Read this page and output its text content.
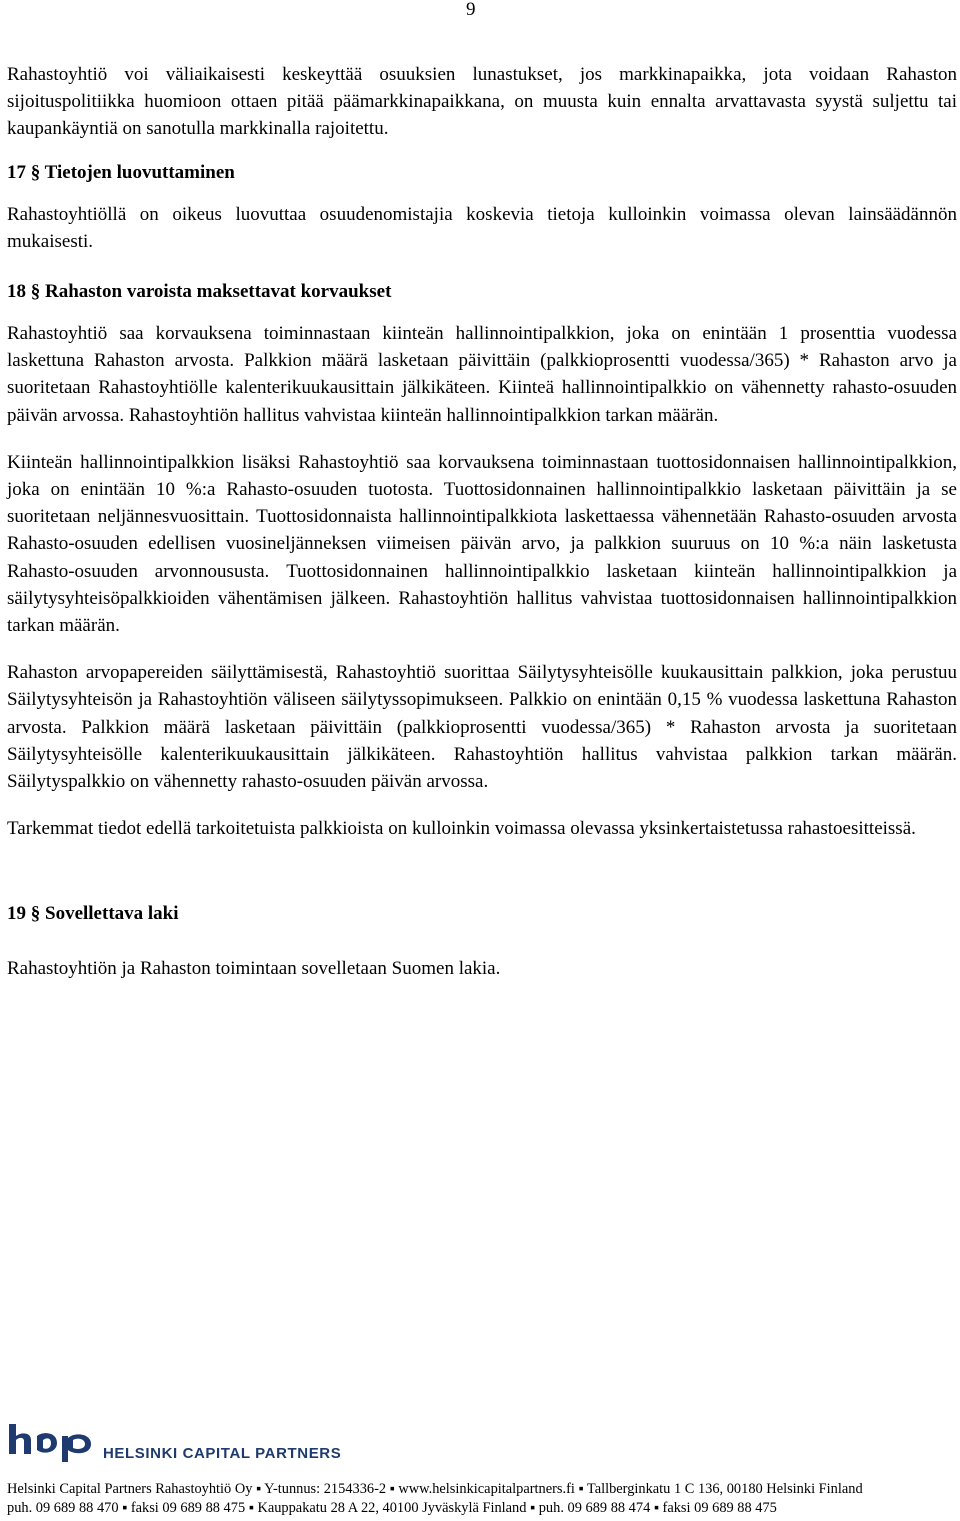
9

Rahastoyhtiö voi väliaikaisesti keskeyttää osuuksien lunastukset, jos markkinapaikka, jota voidaan Rahaston sijoituspolitiikka huomioon ottaen pitää päämarkkinapaikkana, on muusta kuin ennalta arvattavasta syystä suljettu tai kaupankäyntiä on sanotulla markkinalla rajoitettu.

17 § Tietojen luovuttaminen

Rahastoyhtiöllä on oikeus luovuttaa osuudenomistajia koskevia tietoja kulloinkin voimassa olevan lainsäädännön mukaisesti.

18 § Rahaston varoista maksettavat korvaukset

Rahastoyhtiö saa korvauksena toiminnastaan kiinteän hallinnointipalkkion, joka on enintään 1 prosenttia vuodessa laskettuna Rahaston arvosta. Palkkion määrä lasketaan päivittäin (palkkioprosentti vuodessa/365) * Rahaston arvo ja suoritetaan Rahastoyhtiölle kalenterikuukausittain jälkikäteen. Kiinteä hallinnointipalkkio on vähennetty rahasto-osuuden päivän arvossa. Rahastoyhtiön hallitus vahvistaa kiinteän hallinnointipalkkion tarkan määrän.

Kiinteän hallinnointipalkkion lisäksi Rahastoyhtiö saa korvauksena toiminnastaan tuottosidonnaisen hallinnointipalkkion, joka on enintään 10 %:a Rahasto-osuuden tuotosta. Tuottosidonnainen hallinnointipalkkio lasketaan päivittäin ja se suoritetaan neljännesvuosittain. Tuottosidonnaista hallinnointipalkkiota laskettaessa vähennetään Rahasto-osuuden arvosta Rahasto-osuuden edellisen vuosineljänneksen viimeisen päivän arvo, ja palkkion suuruus on 10 %:a näin lasketusta Rahasto-osuuden arvonnousustа. Tuottosidonnainen hallinnointipalkkio lasketaan kiinteän hallinnointipalkkion ja säilytysyhteisöpalkkioiden vähentämisen jälkeen. Rahastoyhtiön hallitus vahvistaa tuottosidonnaisen hallinnointipalkkion tarkan määrän.

Rahaston arvopapereiden säilyttämisestä, Rahastoyhtiö suorittaa Säilytysyhteisölle kuukausittain palkkion, joka perustuu Säilytysyhteisön ja Rahastoyhtiön väliseen säilytyssopimukseen. Palkkio on enintään 0,15 % vuodessa laskettuna Rahaston arvosta. Palkkion määrä lasketaan päivittäin (palkkioprosentti vuodessa/365) * Rahaston arvosta ja suoritetaan Säilytysyhteisölle kalenterikuukausittain jälkikäteen. Rahastoyhtiön hallitus vahvistaa palkkion tarkan määrän. Säilytyspalkkio on vähennetty rahasto-osuuden päivän arvossa.

Tarkemmat tiedot edellä tarkoitetuista palkkioista on kulloinkin voimassa olevassa yksinkertaistetussa rahastoesitteissä.

19 § Sovellettava laki

Rahastoyhtiön ja Rahaston toimintaan sovelletaan Suomen lakia.

HELSINKI CAPITAL PARTNERS
Helsinki Capital Partners Rahastoyhtiö Oy ▪ Y-tunnus: 2154336-2 ▪ www.helsinkicapitalpartners.fi ▪ Tallberginkatu 1 C 136, 00180 Helsinki Finland
puh. 09 689 88 470 ▪ faksi 09 689 88 475 ▪ Kauppakatu 28 A 22, 40100 Jyväskylä Finland ▪ puh. 09 689 88 474 ▪ faksi 09 689 88 475
